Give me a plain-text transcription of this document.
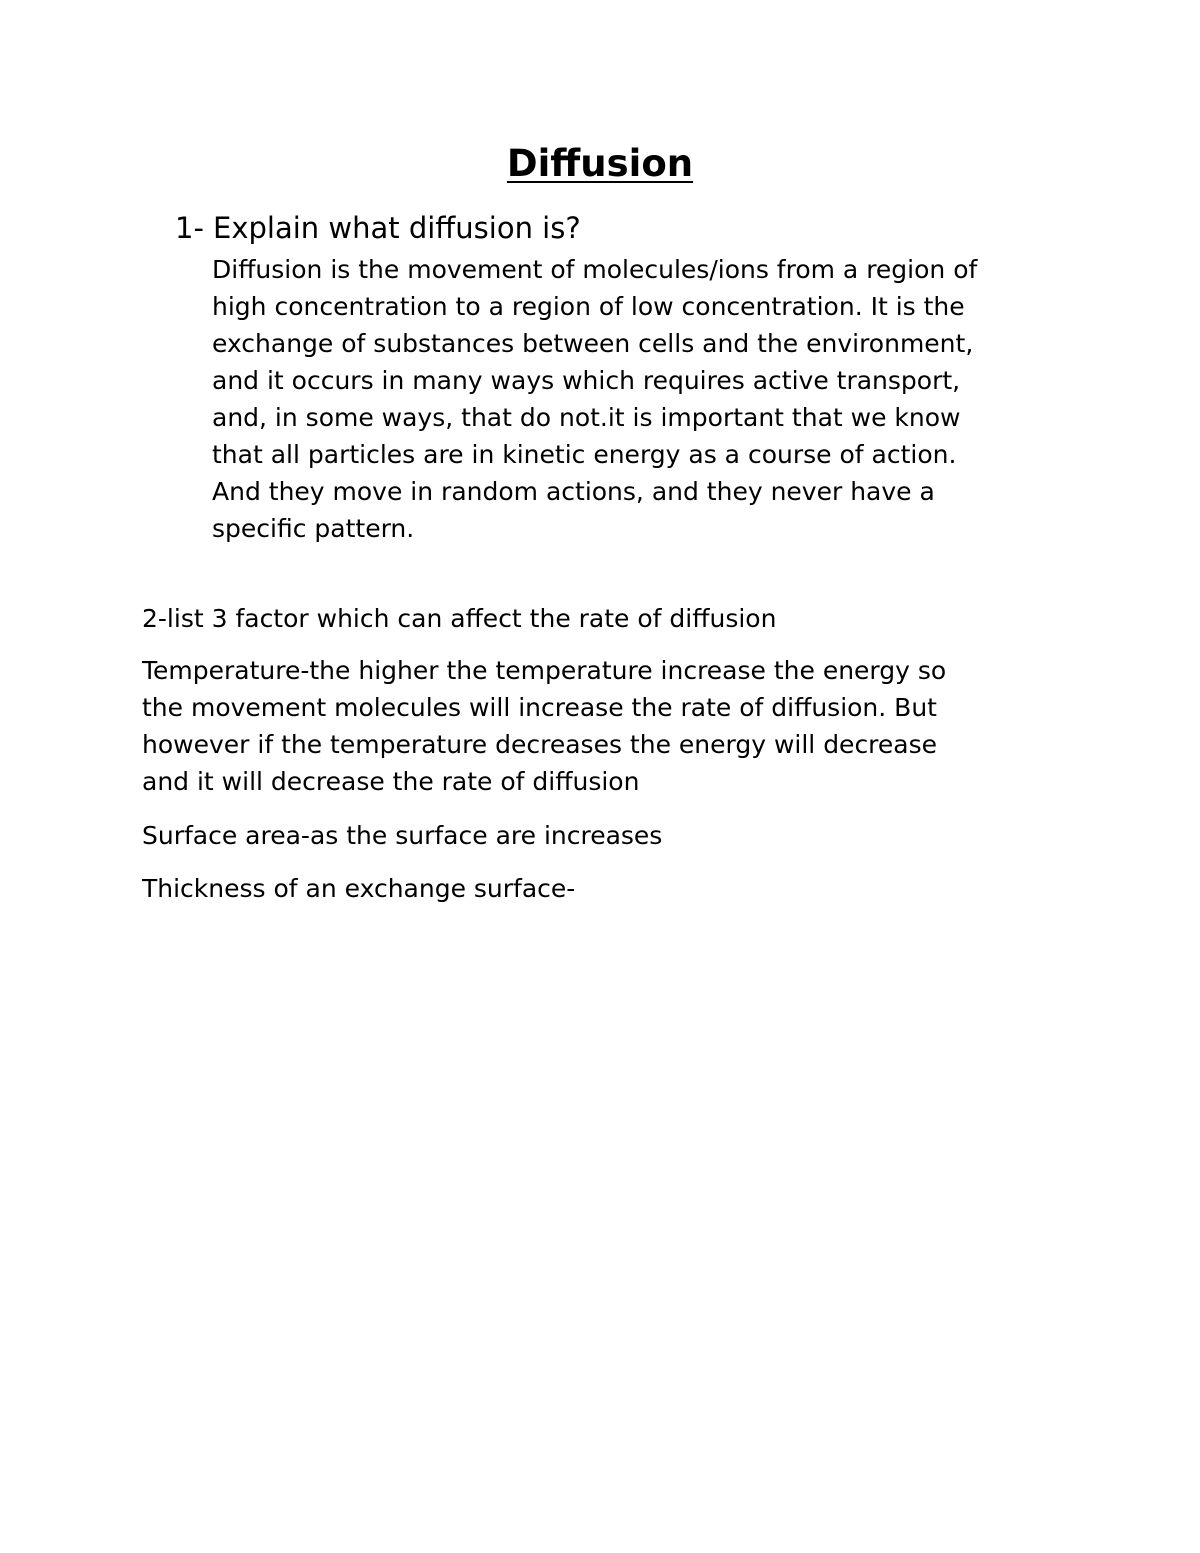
Diffusion
1- Explain what diffusion is?
Diffusion is the movement of molecules/ions from a region of
high concentration to a region of low concentration. It is the
exchange of substances between cells and the environment,
and it occurs in many ways which requires active transport,
and, in some ways, that do not.it is important that we know
that all particles are in kinetic energy as a course of action.
And they move in random actions, and they never have a
specific pattern.
2-list 3 factor which can affect the rate of diffusion
Temperature-the higher the temperature increase the energy so
the movement molecules will increase the rate of diffusion. But
however if the temperature decreases the energy will decrease
and it will decrease the rate of diffusion
Surface area-as the surface are increases
Thickness of an exchange surface-
